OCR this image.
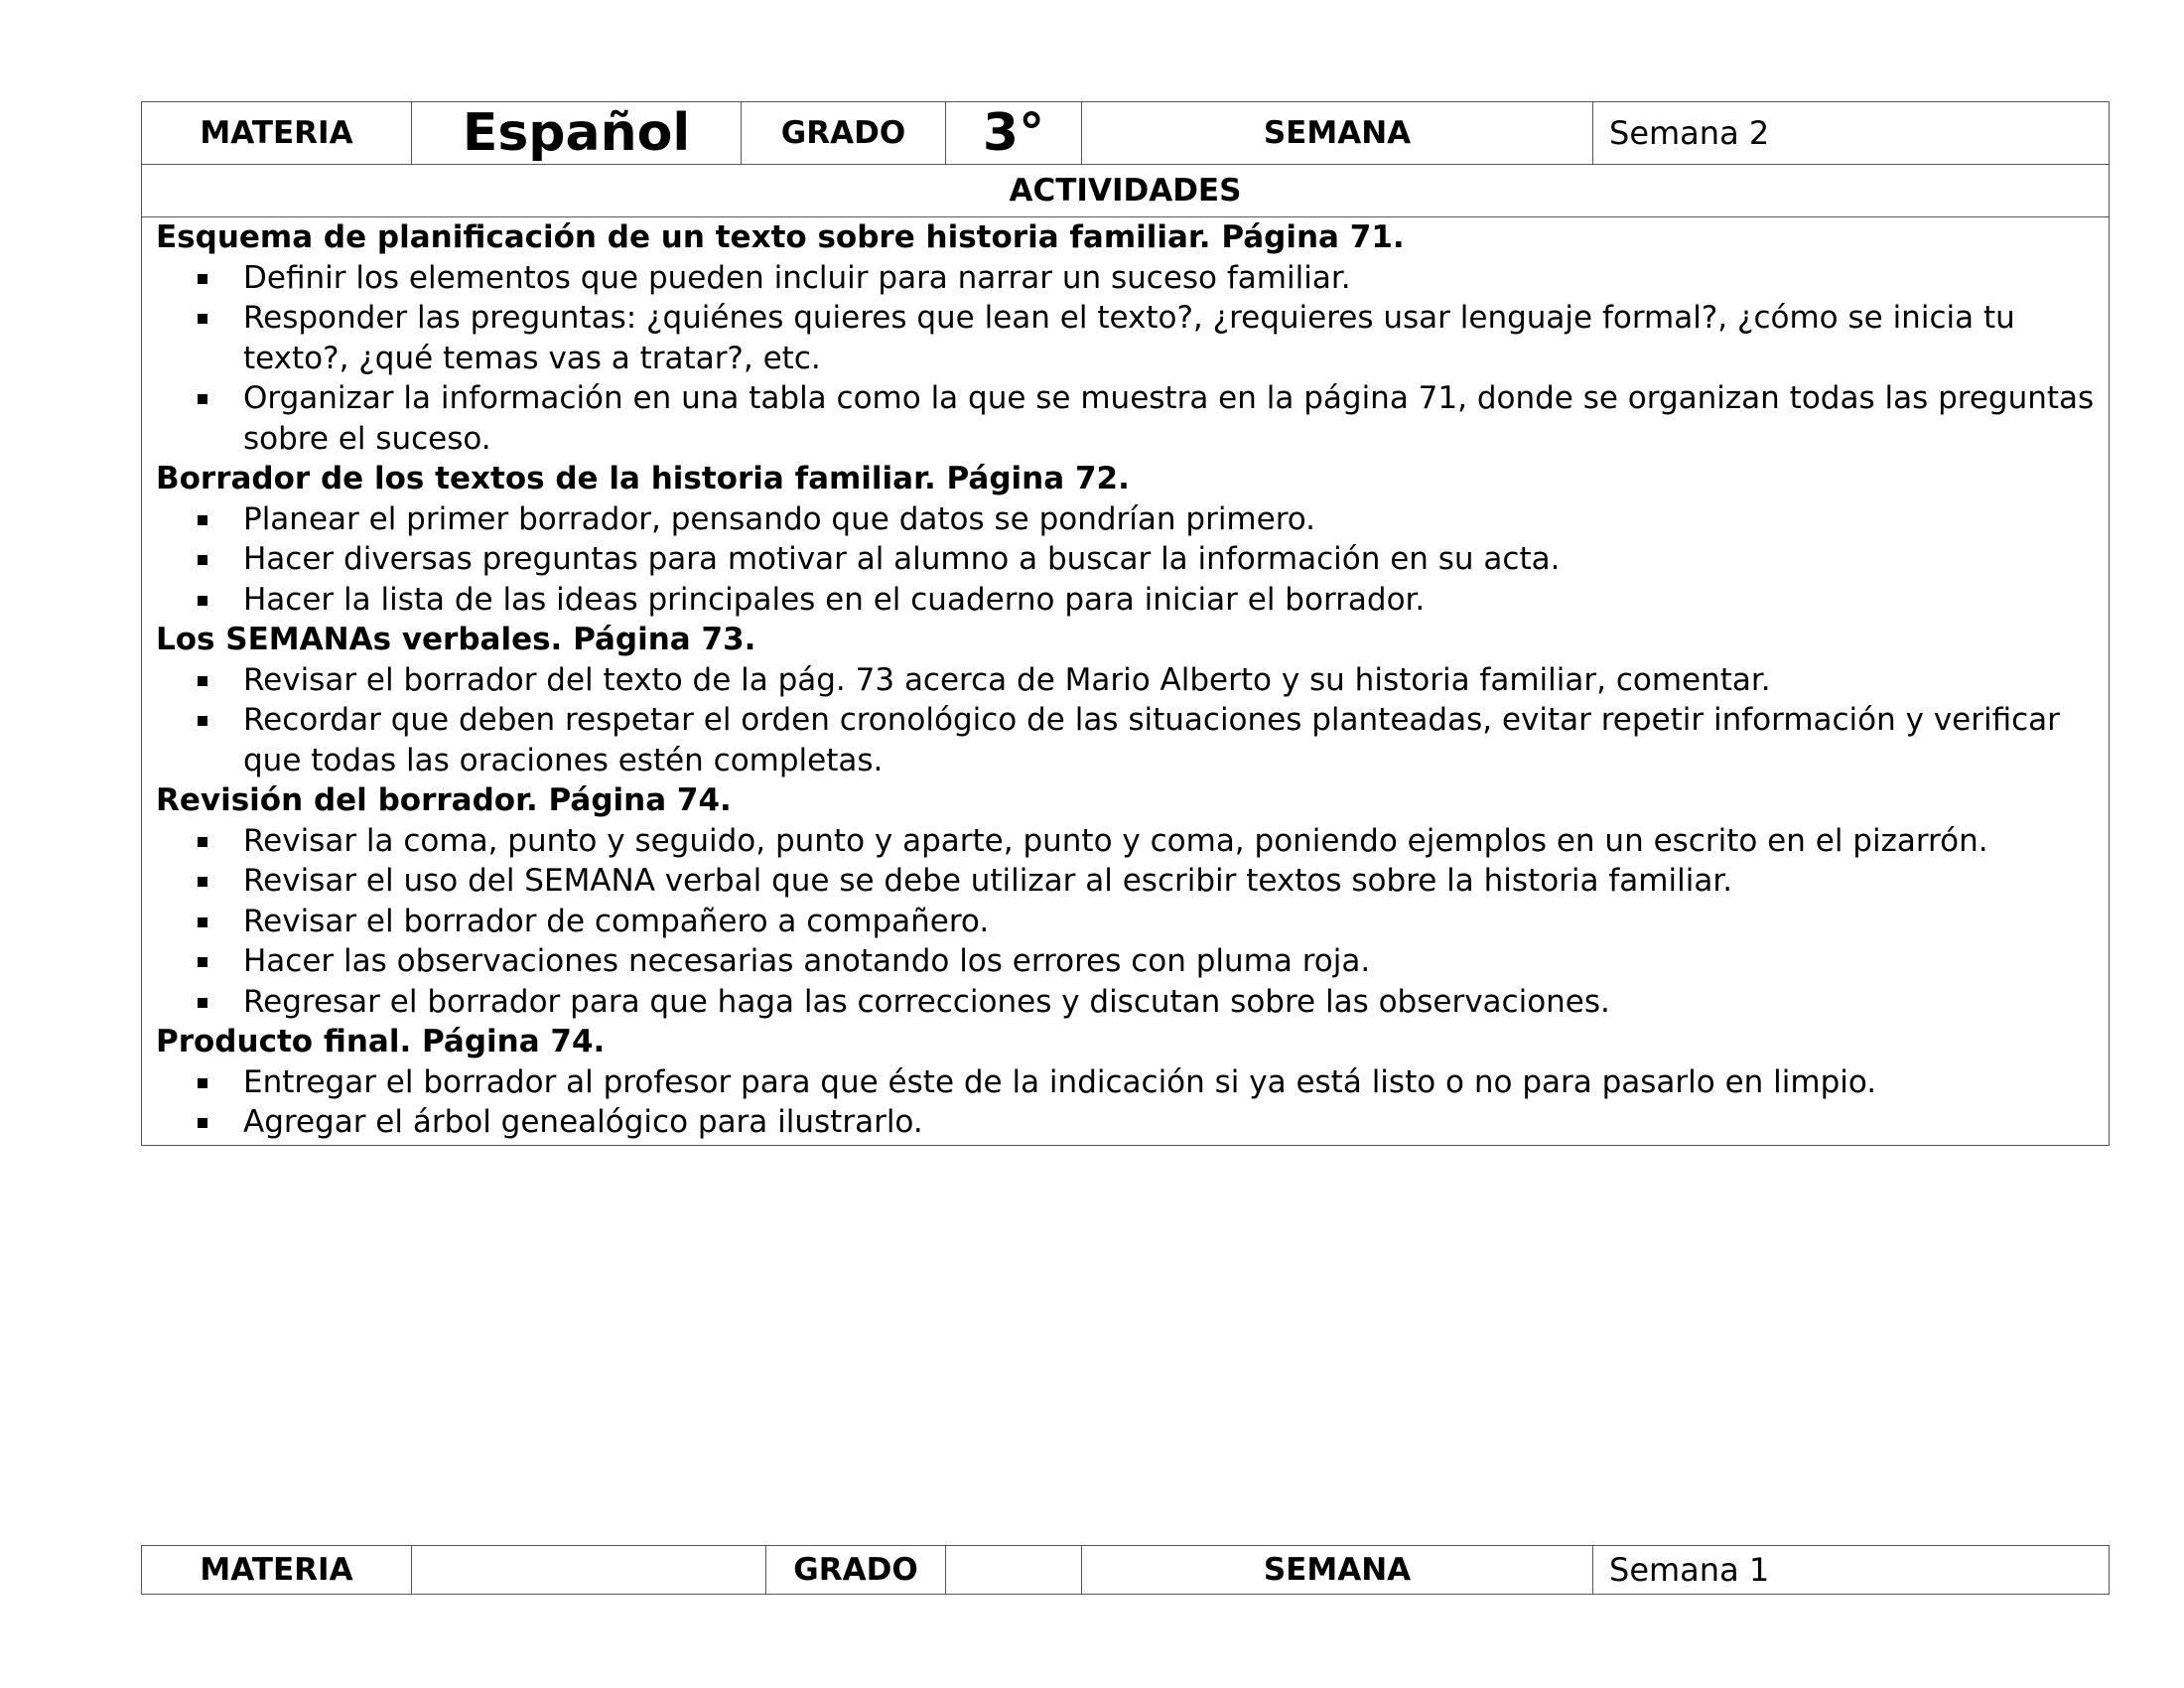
MATERIA	Español	GRADO	3°	SEMANA	Semana 2
ACTIVIDADES

Esquema de planificación de un texto sobre historia familiar. Página 71.
Definir los elementos que pueden incluir para narrar un suceso familiar.
Responder las preguntas: ¿quiénes quieres que lean el texto?, ¿requieres usar lenguaje formal?, ¿cómo se inicia tu texto?, ¿qué temas vas a tratar?, etc.
Organizar la información en una tabla como la que se muestra en la página 71, donde se organizan todas las preguntas sobre el suceso.
Borrador de los textos de la historia familiar. Página 72.
Planear el primer borrador, pensando que datos se pondrían primero.
Hacer diversas preguntas para motivar al alumno a buscar la información en su acta.
Hacer la lista de las ideas principales en el cuaderno para iniciar el borrador.
Los SEMANAs verbales. Página 73.
Revisar el borrador del texto de la pág. 73 acerca de Mario Alberto y su historia familiar, comentar.
Recordar que deben respetar el orden cronológico de las situaciones planteadas, evitar repetir información y verificar que todas las oraciones estén completas.
Revisión del borrador. Página 74.
Revisar la coma, punto y seguido, punto y aparte, punto y coma, poniendo ejemplos en un escrito en el pizarrón.
Revisar el uso del SEMANA verbal que se debe utilizar al escribir textos sobre la historia familiar.
Revisar el borrador de compañero a compañero.
Hacer las observaciones necesarias anotando los errores con pluma roja.
Regresar el borrador para que haga las correcciones y discutan sobre las observaciones.
Producto final. Página 74.
Entregar el borrador al profesor para que éste de la indicación si ya está listo o no para pasarlo en limpio.
Agregar el árbol genealógico para ilustrarlo.
MATERIA		GRADO		SEMANA	Semana 1
